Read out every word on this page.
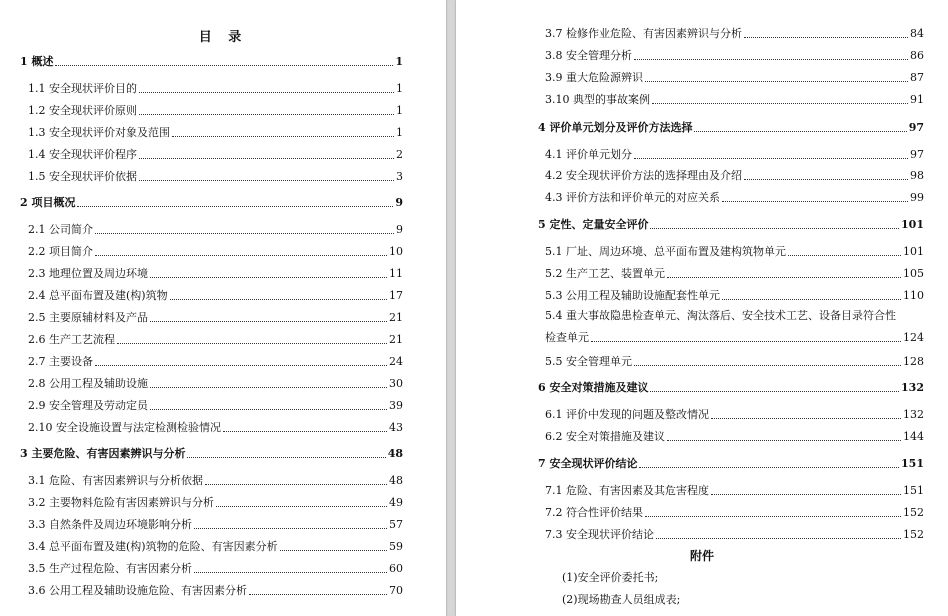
目 录
1 概述	1
1.1 安全现状评价目的	1
1.2 安全现状评价原则	1
1.3 安全现状评价对象及范围	1
1.4 安全现状评价程序	2
1.5 安全现状评价依据	3
2 项目概况	9
2.1 公司简介	9
2.2 项目简介	10
2.3 地理位置及周边环境	11
2.4 总平面布置及建(构)筑物	17
2.5 主要原辅材料及产品	21
2.6 生产工艺流程	21
2.7 主要设备	24
2.8 公用工程及辅助设施	30
2.9 安全管理及劳动定员	39
2.10 安全设施设置与法定检测检验情况	43
3 主要危险、有害因素辨识与分析	48
3.1 危险、有害因素辨识与分析依据	48
3.2 主要物料危险有害因素辨识与分析	49
3.3 自然条件及周边环境影响分析	57
3.4 总平面布置及建(构)筑物的危险、有害因素分析	59
3.5 生产过程危险、有害因素分析	60
3.6 公用工程及辅助设施危险、有害因素分析	70
3.7 检修作业危险、有害因素辨识与分析	84
3.8 安全管理分析	86
3.9 重大危险源辨识	87
3.10 典型的事故案例	91
4 评价单元划分及评价方法选择	97
4.1 评价单元划分	97
4.2 安全现状评价方法的选择理由及介绍	98
4.3 评价方法和评价单元的对应关系	99
5 定性、定量安全评价	101
5.1 厂址、周边环境、总平面布置及建构筑物单元	101
5.2 生产工艺、装置单元	105
5.3 公用工程及辅助设施配套性单元	110
5.4 重大事故隐患检查单元、淘汰落后、安全技术工艺、设备目录符合性
检查单元	124
5.5 安全管理单元	128
6 安全对策措施及建议	132
6.1 评价中发现的问题及整改情况	132
6.2 安全对策措施及建议	144
7 安全现状评价结论	151
7.1 危险、有害因素及其危害程度	151
7.2 符合性评价结果	152
7.3 安全现状评价结论	152
附件
(1)安全评价委托书;
(2)现场勘查人员组成表;
